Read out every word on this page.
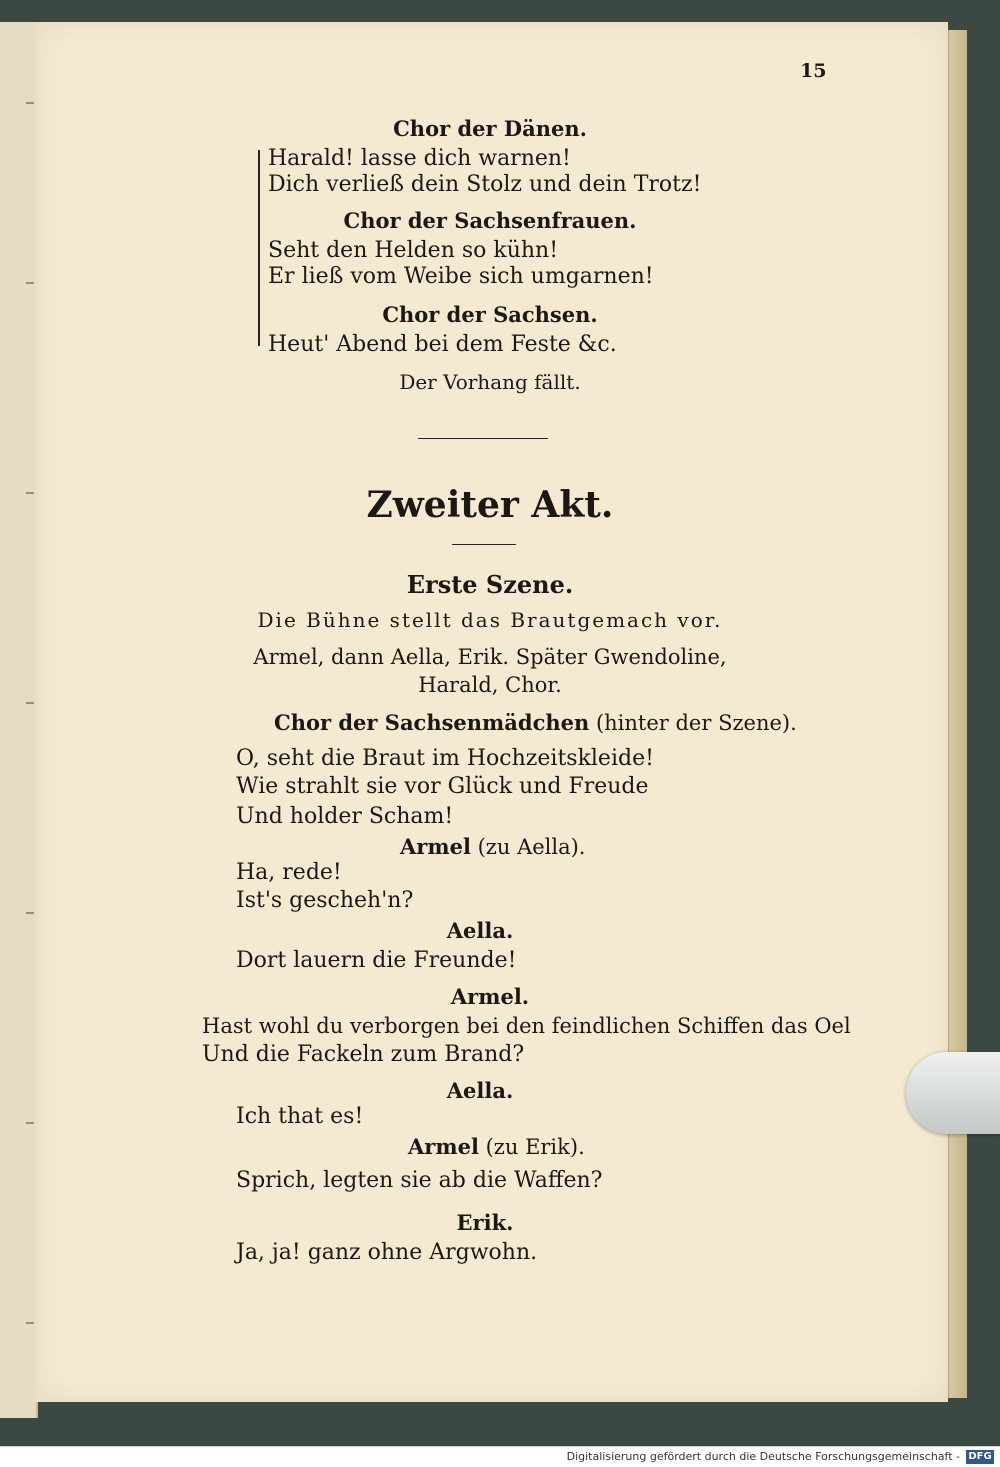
15
Chor der Dänen.
Harald! lasse dich warnen!
Dich verließ dein Stolz und dein Trotz!
Chor der Sachsenfrauen.
Seht den Helden so kühn!
Er ließ vom Weibe sich umgarnen!
Chor der Sachsen.
Heut' Abend bei dem Feste &c.
Der Vorhang fällt.
Zweiter Akt.
Erste Szene.
Die Bühne stellt das Brautgemach vor.
Armel, dann Aella, Erik. Später Gwendoline,
Harald, Chor.
Chor der Sachsenmädchen (hinter der Szene).
O, seht die Braut im Hochzeitskleide!
Wie strahlt sie vor Glück und Freude
Und holder Scham!
Armel (zu Aella).
Ha, rede!
Ist's gescheh'n?
Aella.
Dort lauern die Freunde!
Armel.
Hast wohl du verborgen bei den feindlichen Schiffen das Oel
Und die Fackeln zum Brand?
Aella.
Ich that es!
Armel (zu Erik).
Sprich, legten sie ab die Waffen?
Erik.
Ja, ja! ganz ohne Argwohn.
Digitalisierung gefördert durch die Deutsche Forschungsgemeinschaft - DFG
